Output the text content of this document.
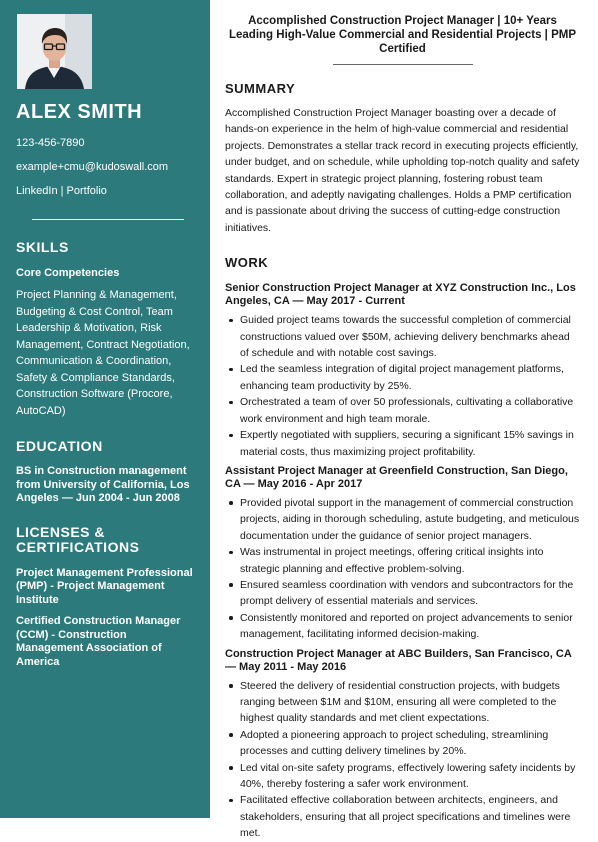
ALEX SMITH
123-456-7890
example+cmu@kudoswall.com
LinkedIn | Portfolio
SKILLS
Core Competencies
Project Planning & Management, Budgeting & Cost Control, Team Leadership & Motivation, Risk Management, Contract Negotiation, Communication & Coordination, Safety & Compliance Standards, Construction Software (Procore, AutoCAD)
EDUCATION
BS in Construction management from University of California, Los Angeles — Jun 2004 - Jun 2008
LICENSES & CERTIFICATIONS
Project Management Professional (PMP) - Project Management Institute
Certified Construction Manager (CCM) - Construction Management Association of America
Accomplished Construction Project Manager | 10+ Years Leading High-Value Commercial and Residential Projects | PMP Certified
SUMMARY
Accomplished Construction Project Manager boasting over a decade of hands-on experience in the helm of high-value commercial and residential projects. Demonstrates a stellar track record in executing projects efficiently, under budget, and on schedule, while upholding top-notch quality and safety standards. Expert in strategic project planning, fostering robust team collaboration, and adeptly navigating challenges. Holds a PMP certification and is passionate about driving the success of cutting-edge construction initiatives.
WORK
Senior Construction Project Manager at XYZ Construction Inc., Los Angeles, CA — May 2017 - Current
Guided project teams towards the successful completion of commercial constructions valued over $50M, achieving delivery benchmarks ahead of schedule and with notable cost savings.
Led the seamless integration of digital project management platforms, enhancing team productivity by 25%.
Orchestrated a team of over 50 professionals, cultivating a collaborative work environment and high team morale.
Expertly negotiated with suppliers, securing a significant 15% savings in material costs, thus maximizing project profitability.
Assistant Project Manager at Greenfield Construction, San Diego, CA — May 2016 - Apr 2017
Provided pivotal support in the management of commercial construction projects, aiding in thorough scheduling, astute budgeting, and meticulous documentation under the guidance of senior project managers.
Was instrumental in project meetings, offering critical insights into strategic planning and effective problem-solving.
Ensured seamless coordination with vendors and subcontractors for the prompt delivery of essential materials and services.
Consistently monitored and reported on project advancements to senior management, facilitating informed decision-making.
Construction Project Manager at ABC Builders, San Francisco, CA — May 2011 - May 2016
Steered the delivery of residential construction projects, with budgets ranging between $1M and $10M, ensuring all were completed to the highest quality standards and met client expectations.
Adopted a pioneering approach to project scheduling, streamlining processes and cutting delivery timelines by 20%.
Led vital on-site safety programs, effectively lowering safety incidents by 40%, thereby fostering a safer work environment.
Facilitated effective collaboration between architects, engineers, and stakeholders, ensuring that all project specifications and timelines were met.
